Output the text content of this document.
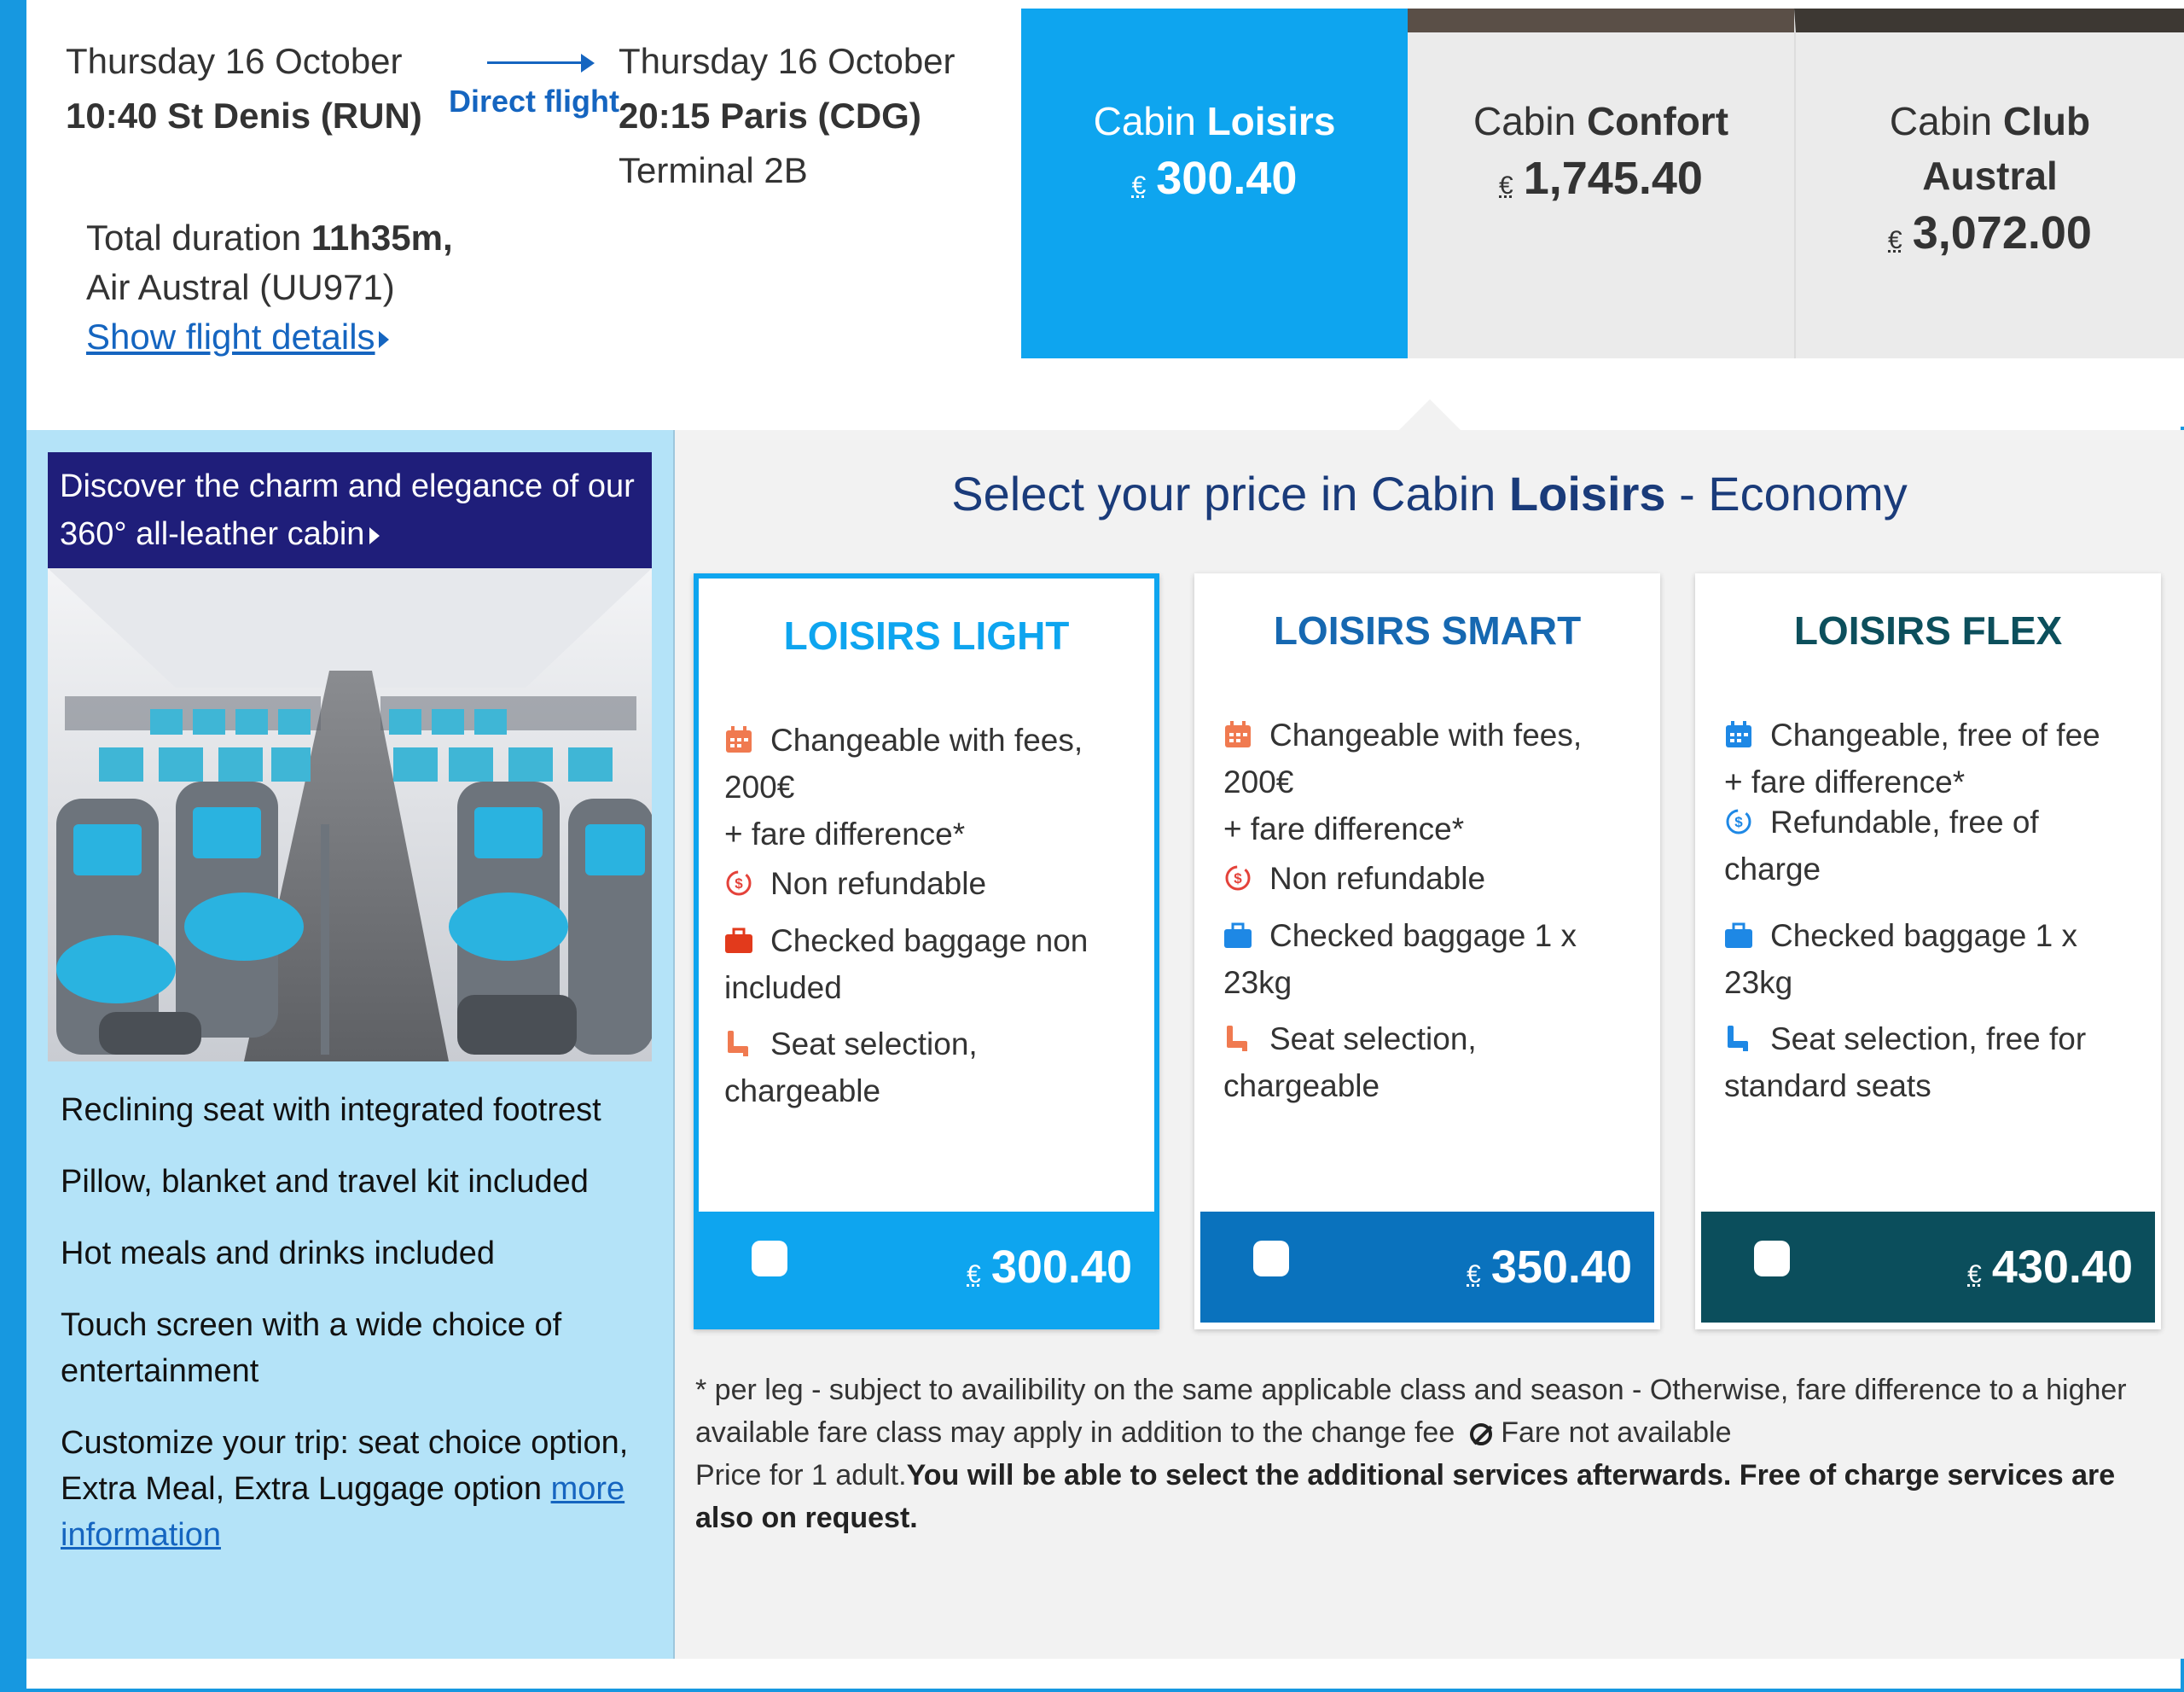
Thursday 16 October
10:40 St Denis (RUN) Direct flight
Thursday 16 October
20:15 Paris (CDG)
Terminal 2B
Total duration 11h35m,
Air Austral (UU971)
Show flight details
Cabin Loisirs
€ 300.40
Cabin Confort
€ 1,745.40
Cabin Club Austral
€ 3,072.00
Discover the charm and elegance of our 360° all-leather cabin
Reclining seat with integrated footrest
Pillow, blanket and travel kit included
Hot meals and drinks included
Touch screen with a wide choice of entertainment
Customize your trip: seat choice option, Extra Meal, Extra Luggage option more information
Select your price in Cabin Loisirs - Economy
LOISIRS LIGHT
Changeable with fees, 200€
+ fare difference*
$ Non refundable
Checked baggage non included
Seat selection, chargeable
€ 300.40
LOISIRS SMART
Changeable with fees, 200€
+ fare difference*
$ Non refundable
Checked baggage 1 x 23kg
Seat selection, chargeable
€ 350.40
LOISIRS FLEX
Changeable, free of fee
+ fare difference*
$ Refundable, free of charge
Checked baggage 1 x 23kg
Seat selection, free for standard seats
€ 430.40
* per leg - subject to availibility on the same applicable class and season - Otherwise, fare difference to a higher available fare class may apply in addition to the change fee Fare not available
Price for 1 adult.You will be able to select the additional services afterwards. Free of charge services are also on request.
